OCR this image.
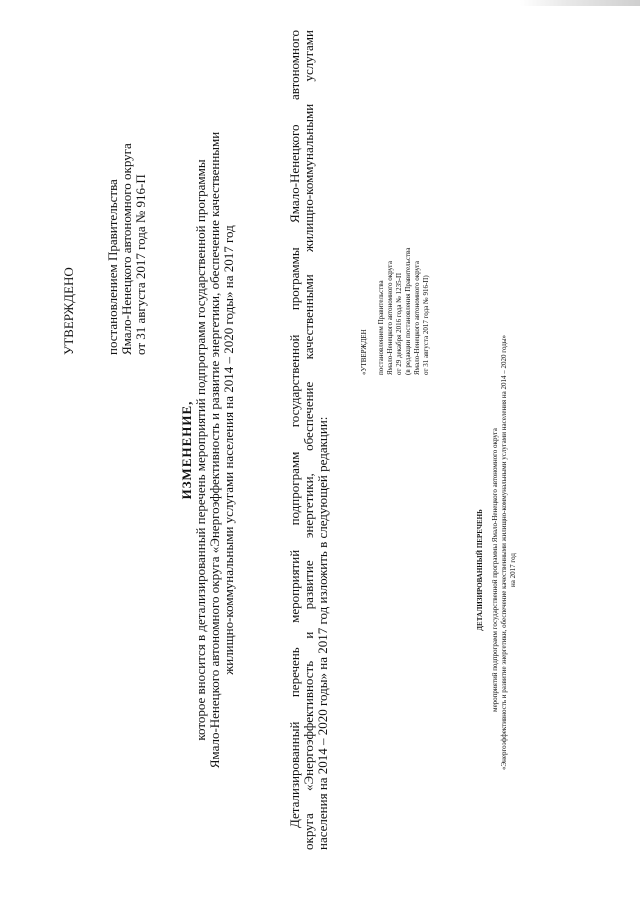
УТВЕРЖДЕНО постановлением Правительства Ямало-Ненецкого автономного округа от 31 августа 2017 года № 916-П
ИЗМЕНЕНИЕ, которое вносится в детализированный перечень мероприятий подпрограмм государственной программы Ямало-Ненецкого автономного округа «Энергоэффективность и развитие энергетики, обеспечение качественными жилищно-коммунальными услугами населения на 2014 – 2020 годы» на 2017 год	Детализированный перечень мероприятий подпрограмм государственной программы Ямало-Ненецкого автономного округа «Энергоэффективность и развитие энергетики, обеспечение качественными жилищно-коммунальными услугами населения на 2014 – 2020 годы» на 2017 год изложить в следующей редакции:
«УТВЕРЖДЕН постановлением Правительства Ямало-Ненецкого автономного округа от 29 декабря 2016 года № 1235-П (в редакции постановления Правительства Ямало-Ненецкого автономного округа от 31 августа 2017 года № 916-П)
ДЕТАЛИЗИРОВАННЫЙ ПЕРЕЧЕНЬ мероприятий подпрограмм государственной программы Ямало-Ненецкого автономного округа «Энергоэффективность и развитие энергетики, обеспечение качественными жилищно-коммунальными услугами населения на 2014 – 2020 годы» на 2017 год
